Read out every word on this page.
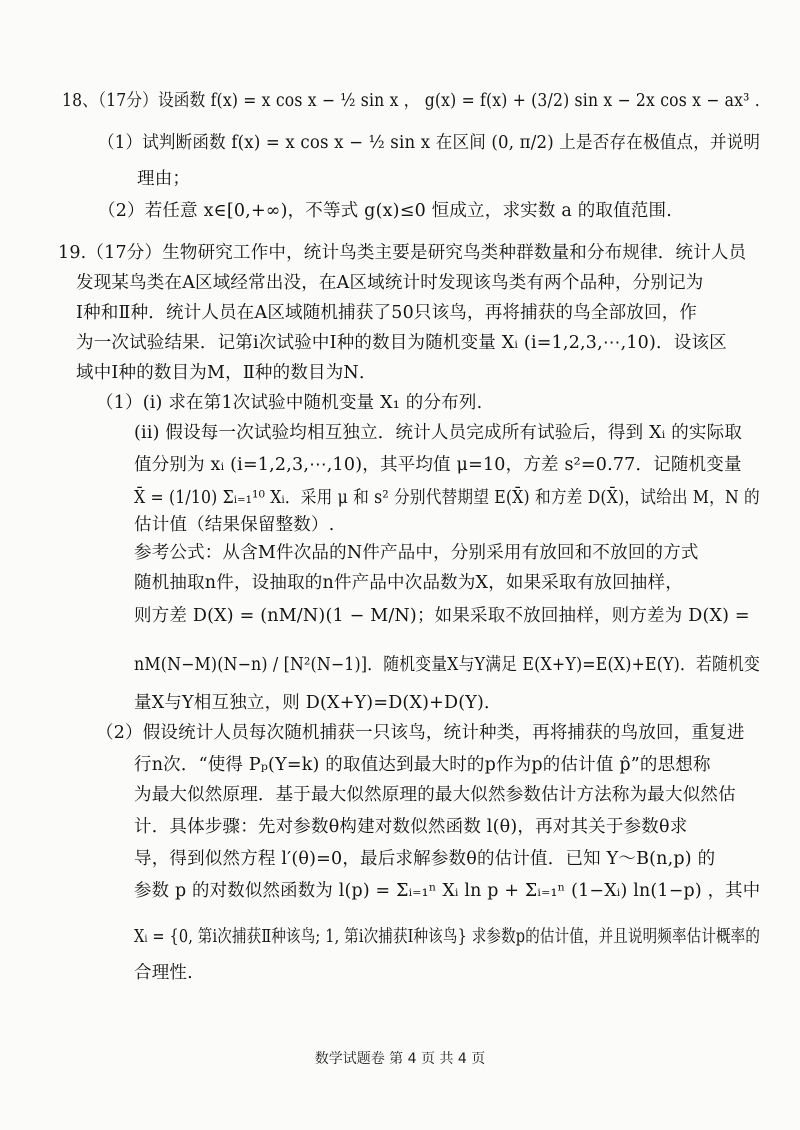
18、（17分）设函数 f(x) = x cos x − ½ sin x ， g(x) = f(x) + (3/2) sin x − 2x cos x − ax³ .
（1）试判断函数 f(x) = x cos x − ½ sin x 在区间 (0, π/2) 上是否存在极值点，并说明
理由；
（2）若任意 x∈[0,+∞)，不等式 g(x)≤0 恒成立，求实数 a 的取值范围.
19.（17分）生物研究工作中，统计鸟类主要是研究鸟类种群数量和分布规律．统计人员
发现某鸟类在A区域经常出没，在A区域统计时发现该鸟类有两个品种，分别记为
Ⅰ种和Ⅱ种．统计人员在A区域随机捕获了50只该鸟，再将捕获的鸟全部放回，作
为一次试验结果．记第i次试验中Ⅰ种的数目为随机变量 Xᵢ (i=1,2,3,⋯,10)．设该区
域中Ⅰ种的数目为M，Ⅱ种的数目为N．
（1）(i) 求在第1次试验中随机变量 X₁ 的分布列.
(ii) 假设每一次试验均相互独立．统计人员完成所有试验后，得到 Xᵢ 的实际取
值分别为 xᵢ (i=1,2,3,⋯,10)，其平均值 μ=10，方差 s²=0.77．记随机变量
X̄ = (1/10) Σᵢ₌₁¹⁰ Xᵢ．采用 μ 和 s² 分别代替期望 E(X̄) 和方差 D(X̄)，试给出 M，N 的
估计值（结果保留整数）.
参考公式：从含M件次品的N件产品中，分别采用有放回和不放回的方式
随机抽取n件，设抽取的n件产品中次品数为X，如果采取有放回抽样，
则方差 D(X) = (nM/N)(1 − M/N)；如果采取不放回抽样，则方差为 D(X) =
nM(N−M)(N−n) / [N²(N−1)]．随机变量X与Y满足 E(X+Y)=E(X)+E(Y)．若随机变
量X与Y相互独立，则 D(X+Y)=D(X)+D(Y)．
（2）假设统计人员每次随机捕获一只该鸟，统计种类，再将捕获的鸟放回，重复进
行n次．“使得 Pₚ(Y=k) 的取值达到最大时的p作为p的估计值 p̂”的思想称
为最大似然原理．基于最大似然原理的最大似然参数估计方法称为最大似然估
计．具体步骤：先对参数θ构建对数似然函数 l(θ)，再对其关于参数θ求
导，得到似然方程 l′(θ)=0，最后求解参数θ的估计值．已知 Y～B(n,p) 的
参数 p 的对数似然函数为 l(p) = Σᵢ₌₁ⁿ Xᵢ ln p + Σᵢ₌₁ⁿ (1−Xᵢ) ln(1−p) ，其中
Xᵢ = {0, 第i次捕获Ⅱ种该鸟; 1, 第i次捕获Ⅰ种该鸟} 求参数p的估计值，并且说明频率估计概率的
合理性.
数学试题卷 第 4 页 共 4 页
